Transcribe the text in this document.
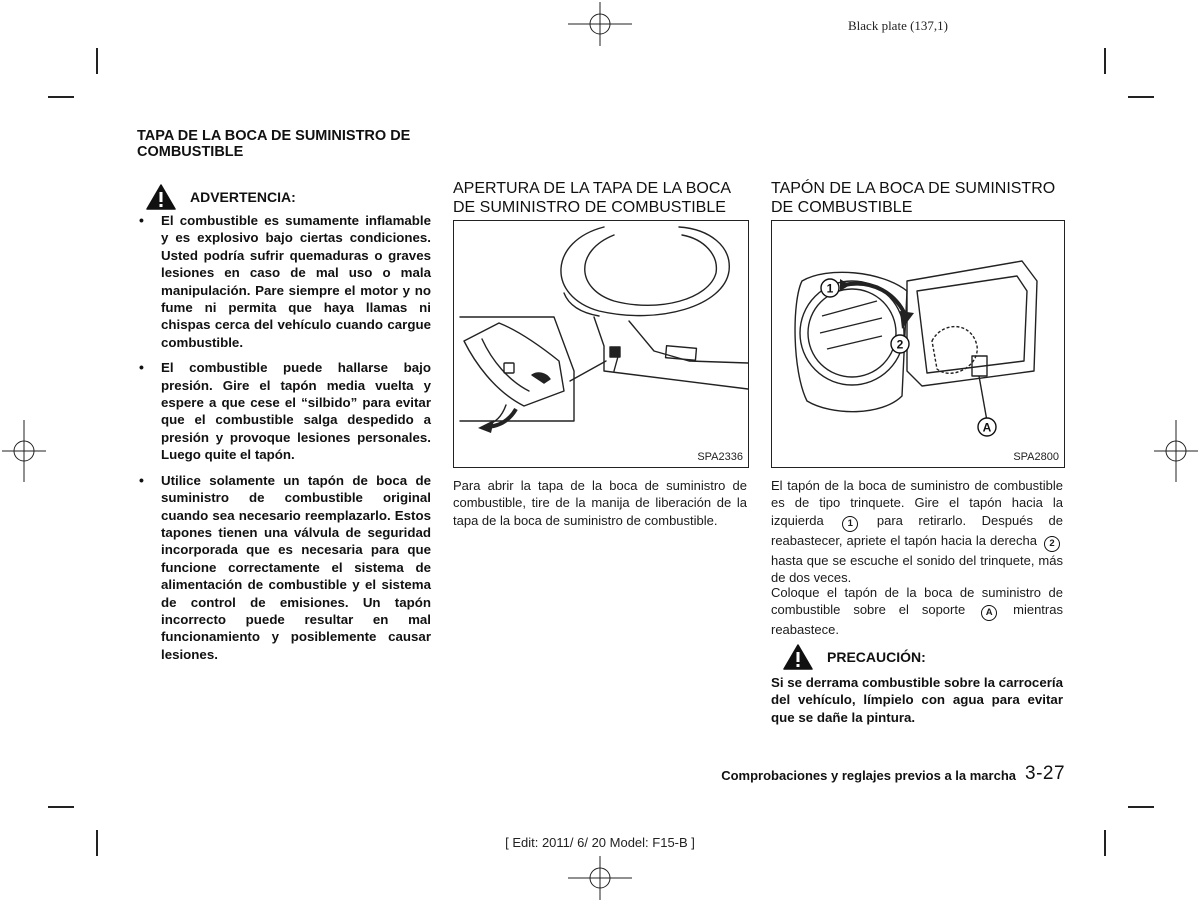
Black plate (137,1)
TAPA DE LA BOCA DE SUMINISTRO DE COMBUSTIBLE
ADVERTENCIA:
• El combustible es sumamente inflamable y es explosivo bajo ciertas condiciones. Usted podría sufrir quemaduras o graves lesiones en caso de mal uso o mala manipulación. Pare siempre el motor y no fume ni permita que haya llamas ni chispas cerca del vehículo cuando cargue combustible.
• El combustible puede hallarse bajo presión. Gire el tapón media vuelta y espere a que cese el “silbido” para evitar que el combustible salga despedido a presión y provoque lesiones personales. Luego quite el tapón.
• Utilice solamente un tapón de boca de suministro de combustible original cuando sea necesario reemplazarlo. Estos tapones tienen una válvula de seguridad incorporada que es necesaria para que funcione correctamente el sistema de alimentación de combustible y el sistema de control de emisiones. Un tapón incorrecto puede resultar en mal funcionamiento y posiblemente causar lesiones.
APERTURA DE LA TAPA DE LA BOCA DE SUMINISTRO DE COMBUSTIBLE
SPA2336
Para abrir la tapa de la boca de suministro de combustible, tire de la manija de liberación de la tapa de la boca de suministro de combustible.
TAPÓN DE LA BOCA DE SUMINISTRO DE COMBUSTIBLE
1
2
A
SPA2800
El tapón de la boca de suministro de combustible es de tipo trinquete. Gire el tapón hacia la izquierda	1 para retirarlo. Después de reabastecer, apriete el tapón hacia la derecha 2 hasta que se escuche el sonido del trinquete, más de dos veces.
Coloque el tapón de la boca de suministro de combustible sobre el soporte A mientras reabastece.
PRECAUCIÓN:
Si se derrama combustible sobre la carrocería del vehículo, límpielo con agua para evitar que se dañe la pintura.
Comprobaciones y reglajes previos a la marcha 3-27
[ Edit: 2011/ 6/ 20 Model: F15-B ]
